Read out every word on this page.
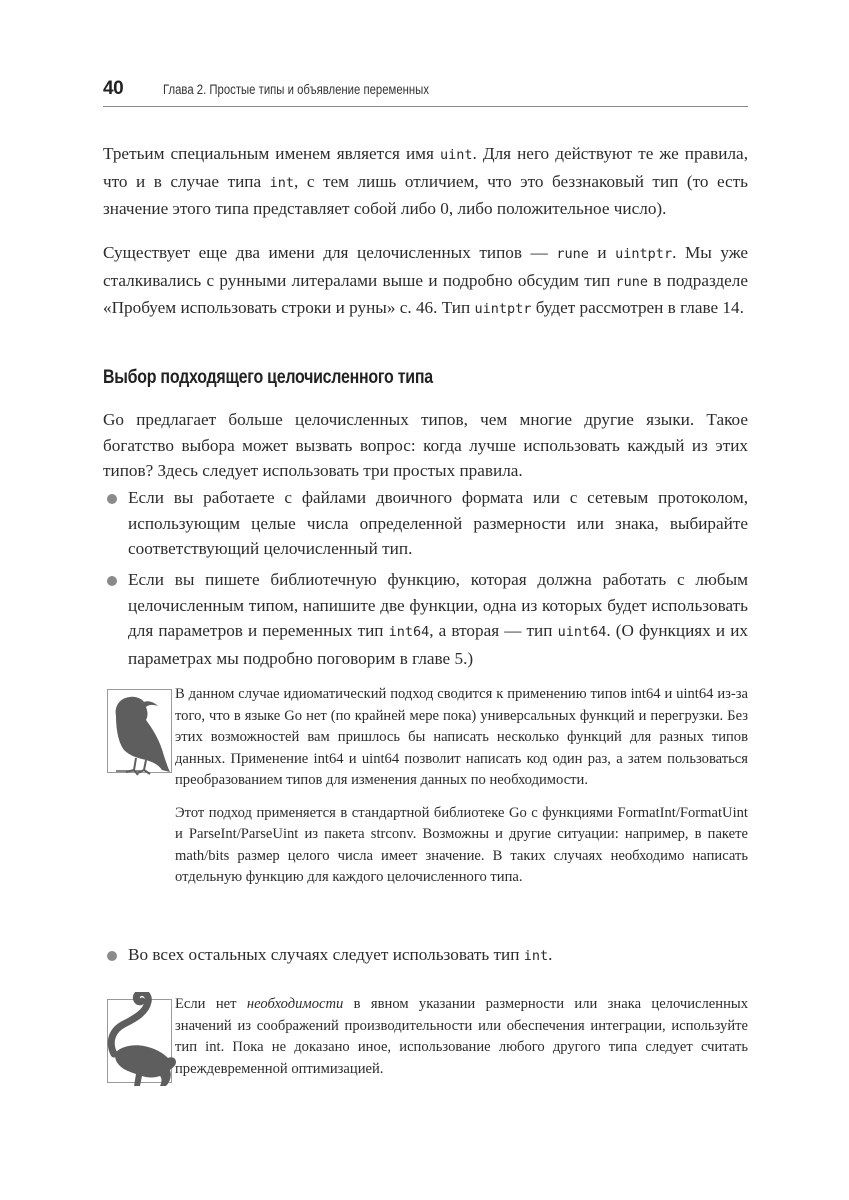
40	Глава 2. Простые типы и объявление переменных

Третьим специальным именем является имя uint. Для него действуют те же правила, что и в случае типа int, с тем лишь отличием, что это беззнаковый тип (то есть значение этого типа представляет собой либо 0, либо положительное число).

Существует еще два имени для целочисленных типов — rune и uintptr. Мы уже сталкивались с рунными литералами выше и подробно обсудим тип rune в подразделе «Пробуем использовать строки и руны» с. 46. Тип uintptr будет рассмотрен в главе 14.

Выбор подходящего целочисленного типа

Go предлагает больше целочисленных типов, чем многие другие языки. Такое богатство выбора может вызвать вопрос: когда лучше использовать каждый из этих типов? Здесь следует использовать три простых правила.

Если вы работаете с файлами двоичного формата или с сетевым протоколом, использующим целые числа определенной размерности или знака, выбирайте соответствующий целочисленный тип.

Если вы пишете библиотечную функцию, которая должна работать с любым целочисленным типом, напишите две функции, одна из которых будет использовать для параметров и переменных тип int64, а вторая — тип uint64. (О функциях и их параметрах мы подробно поговорим в главе 5.)

В данном случае идиоматический подход сводится к применению типов int64 и uint64 из-за того, что в языке Go нет (по крайней мере пока) универсальных функций и перегрузки. Без этих возможностей вам пришлось бы написать несколько функций для разных типов данных. Применение int64 и uint64 позволит написать код один раз, а затем пользоваться преобразованием типов для изменения данных по необходимости.

Этот подход применяется в стандартной библиотеке Go с функциями FormatInt/FormatUint и ParseInt/ParseUint из пакета strconv. Возможны и другие ситуации: например, в пакете math/bits размер целого числа имеет значение. В таких случаях необходимо написать отдельную функцию для каждого целочисленного типа.

Во всех остальных случаях следует использовать тип int.

Если нет необходимости в явном указании размерности или знака целочисленных значений из соображений производительности или обеспечения интеграции, используйте тип int. Пока не доказано иное, использование любого другого типа следует считать преждевременной оптимизацией.
